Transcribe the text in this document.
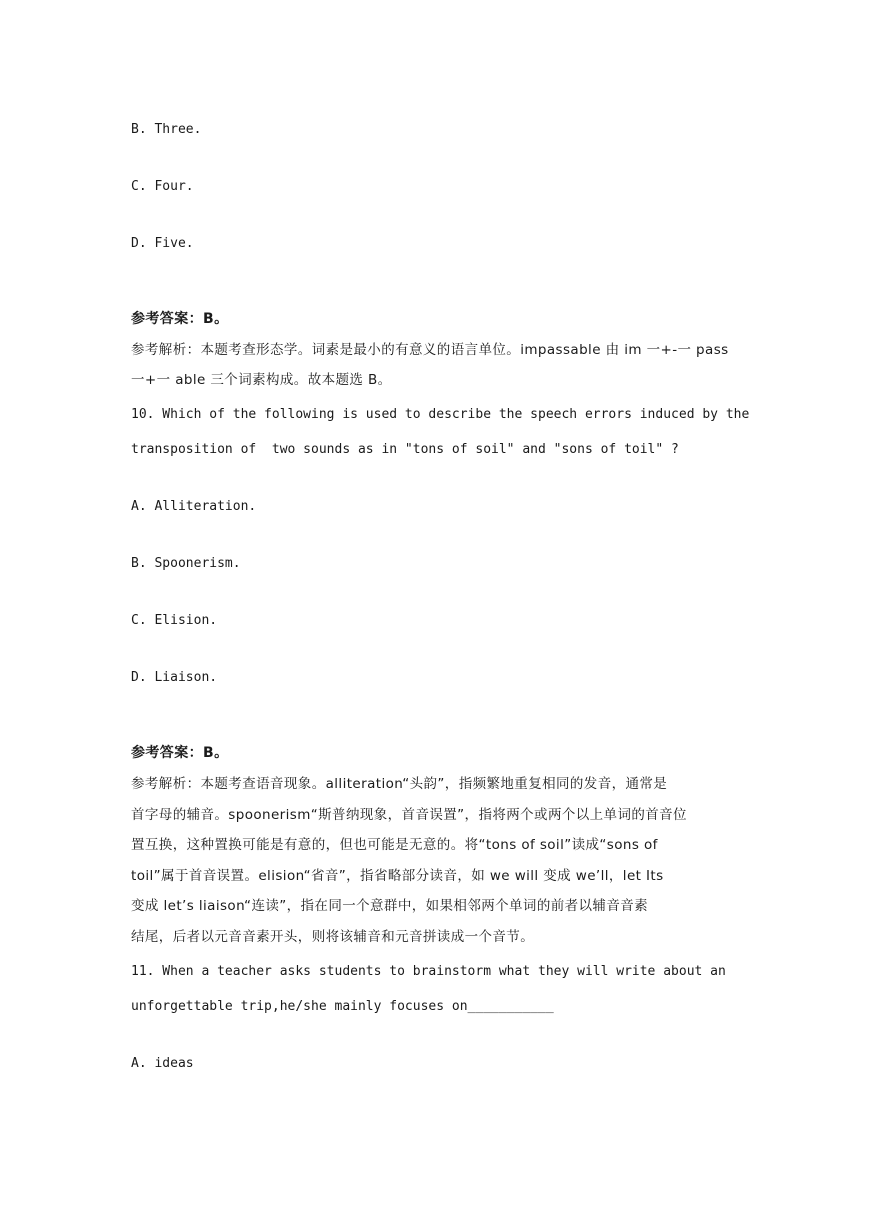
B. Three.
C. Four.
D. Five.
参考答案：B。
参考解析：本题考查形态学。词素是最小的有意义的语言单位。impassable 由 im 一+-一 pass
一+一 able 三个词素构成。故本题选 B。
10. Which of the following is used to describe the speech errors induced by the
transposition of  two sounds as in "tons of soil" and "sons of toil" ?
A. Alliteration.
B. Spoonerism.
C. Elision.
D. Liaison.
参考答案：B。
参考解析：本题考查语音现象。alliteration“头韵”，指频繁地重复相同的发音，通常是
首字母的辅音。spoonerism“斯普纳现象，首音误置”，指将两个或两个以上单词的首音位
置互换，这种置换可能是有意的，但也可能是无意的。将“tons of soil”读成“sons of
toil”属于首音误置。elision“省音”，指省略部分读音，如 we will 变成 we’ll，let Its
变成 let’s liaison“连读”，指在同一个意群中，如果相邻两个单词的前者以辅音音素
结尾，后者以元音音素开头，则将该辅音和元音拼读成一个音节。
11. When a teacher asks students to brainstorm what they will write about an
unforgettable trip,he/she mainly focuses on___________
A. ideas
